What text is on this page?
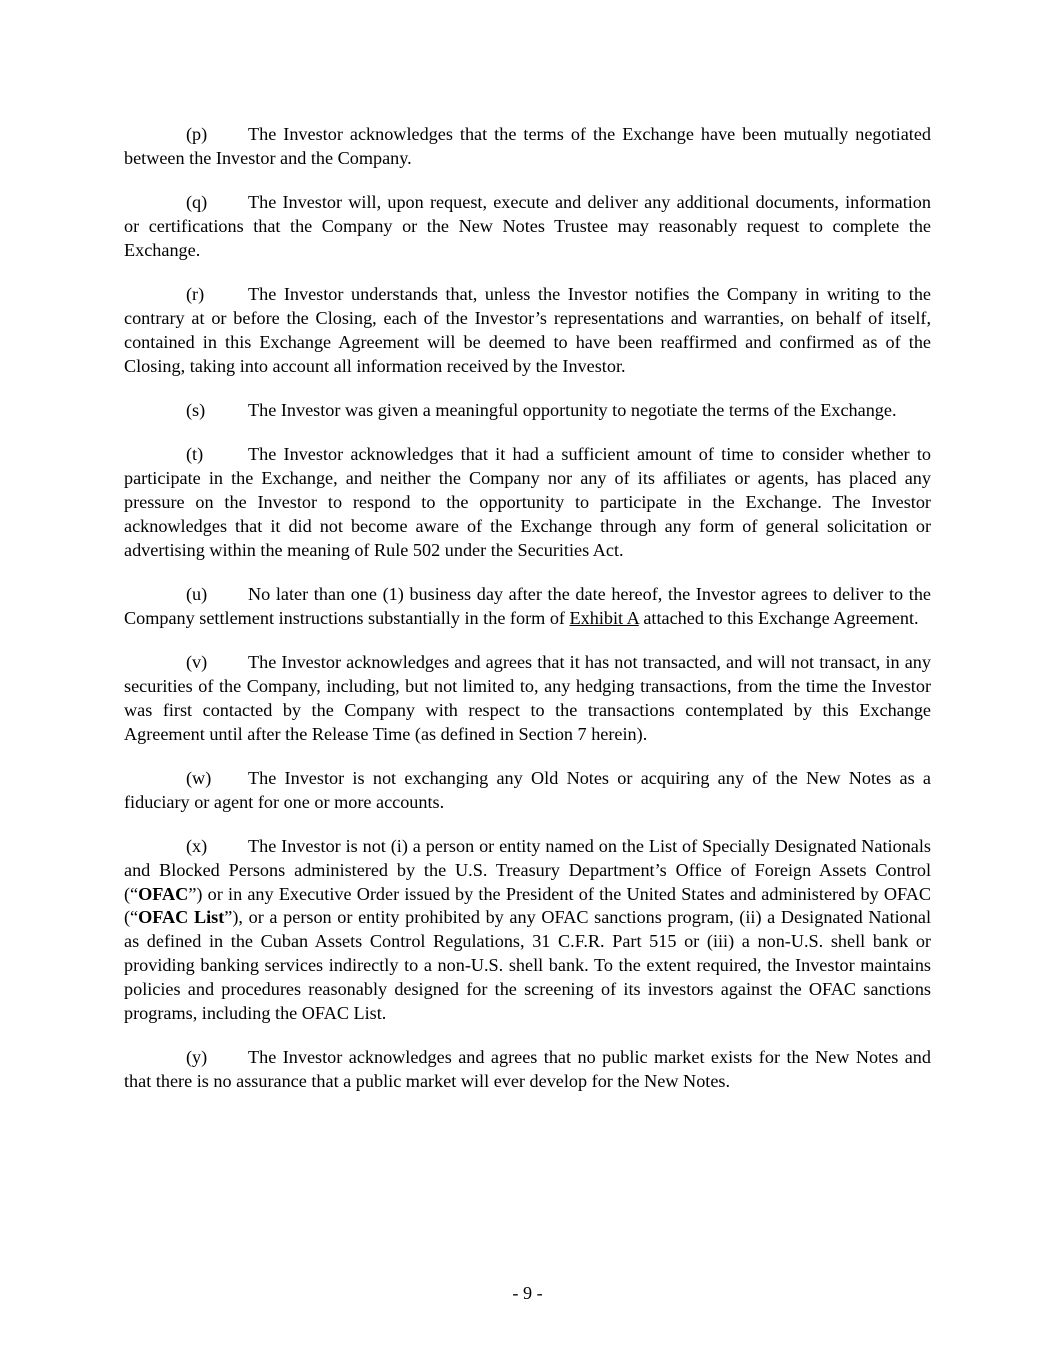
(p) The Investor acknowledges that the terms of the Exchange have been mutually negotiated between the Investor and the Company.

(q) The Investor will, upon request, execute and deliver any additional documents, information or certifications that the Company or the New Notes Trustee may reasonably request to complete the Exchange.

(r) The Investor understands that, unless the Investor notifies the Company in writing to the contrary at or before the Closing, each of the Investor’s representations and warranties, on behalf of itself, contained in this Exchange Agreement will be deemed to have been reaffirmed and confirmed as of the Closing, taking into account all information received by the Investor.

(s) The Investor was given a meaningful opportunity to negotiate the terms of the Exchange.

(t) The Investor acknowledges that it had a sufficient amount of time to consider whether to participate in the Exchange, and neither the Company nor any of its affiliates or agents, has placed any pressure on the Investor to respond to the opportunity to participate in the Exchange. The Investor acknowledges that it did not become aware of the Exchange through any form of general solicitation or advertising within the meaning of Rule 502 under the Securities Act.

(u) No later than one (1) business day after the date hereof, the Investor agrees to deliver to the Company settlement instructions substantially in the form of Exhibit A attached to this Exchange Agreement.

(v) The Investor acknowledges and agrees that it has not transacted, and will not transact, in any securities of the Company, including, but not limited to, any hedging transactions, from the time the Investor was first contacted by the Company with respect to the transactions contemplated by this Exchange Agreement until after the Release Time (as defined in Section 7 herein).

(w) The Investor is not exchanging any Old Notes or acquiring any of the New Notes as a fiduciary or agent for one or more accounts.

(x) The Investor is not (i) a person or entity named on the List of Specially Designated Nationals and Blocked Persons administered by the U.S. Treasury Department’s Office of Foreign Assets Control (“OFAC”) or in any Executive Order issued by the President of the United States and administered by OFAC (“OFAC List”), or a person or entity prohibited by any OFAC sanctions program, (ii) a Designated National as defined in the Cuban Assets Control Regulations, 31 C.F.R. Part 515 or (iii) a non-U.S. shell bank or providing banking services indirectly to a non-U.S. shell bank. To the extent required, the Investor maintains policies and procedures reasonably designed for the screening of its investors against the OFAC sanctions programs, including the OFAC List.

(y) The Investor acknowledges and agrees that no public market exists for the New Notes and that there is no assurance that a public market will ever develop for the New Notes.

- 9 -
